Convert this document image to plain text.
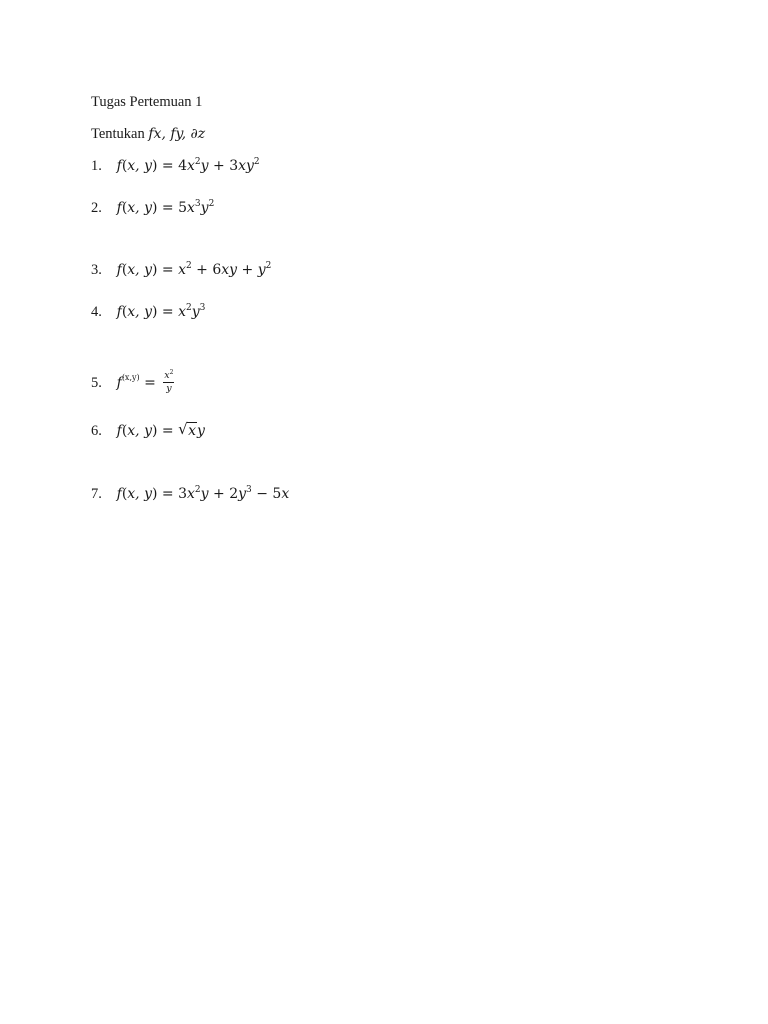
Tugas Pertemuan 1
Tentukan fx, fy, ∂z
1. f(x, $y) = 4x^2y + 3xy^2$
2. f(x, $y) = 5x^3y^2$
3. f(x, $y) = x^2 + 6xy + y^2$
4. f(x, $y) = x^2y^3$
5. $f^{(x,y)} = \frac{x^2}{y}$
6. f(x, y) = √ xy
7. f(x, $y) = 3x^2y + 2y^3 - 5x$
